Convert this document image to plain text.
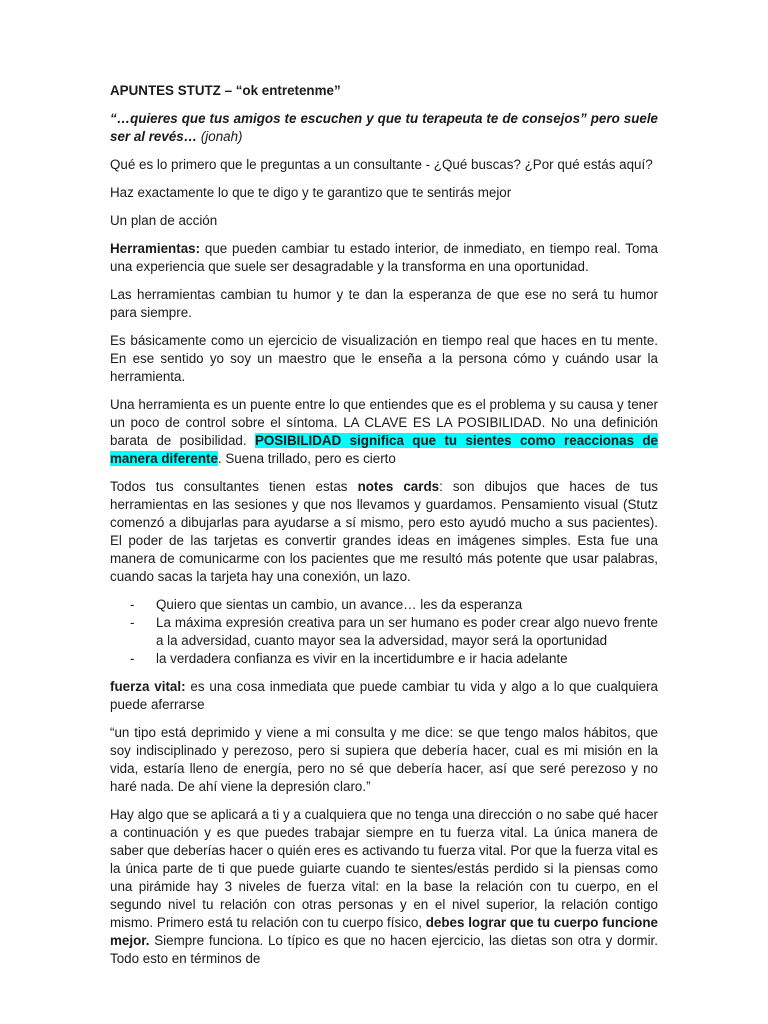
APUNTES STUTZ – “ok entretenme”
“…quieres que tus amigos te escuchen y que tu terapeuta te de consejos” pero suele ser al revés… (jonah)
Qué es lo primero que le preguntas a un consultante - ¿Qué buscas? ¿Por qué estás aquí?
Haz exactamente lo que te digo y te garantizo que te sentirás mejor
Un plan de acción
Herramientas: que pueden cambiar tu estado interior, de inmediato, en tiempo real. Toma una experiencia que suele ser desagradable y la transforma en una oportunidad.
Las herramientas cambian tu humor y te dan la esperanza de que ese no será tu humor para siempre.
Es básicamente como un ejercicio de visualización en tiempo real que haces en tu mente. En ese sentido yo soy un maestro que le enseña a la persona cómo y cuándo usar la herramienta.
Una herramienta es un puente entre lo que entiendes que es el problema y su causa y tener un poco de control sobre el síntoma. LA CLAVE ES LA POSIBILIDAD. No una definición barata de posibilidad. POSIBILIDAD significa que tu sientes como reaccionas de manera diferente. Suena trillado, pero es cierto
Todos tus consultantes tienen estas notes cards: son dibujos que haces de tus herramientas en las sesiones y que nos llevamos y guardamos. Pensamiento visual (Stutz comenzó a dibujarlas para ayudarse a sí mismo, pero esto ayudó mucho a sus pacientes). El poder de las tarjetas es convertir grandes ideas en imágenes simples. Esta fue una manera de comunicarme con los pacientes que me resultó más potente que usar palabras, cuando sacas la tarjeta hay una conexión, un lazo.
- Quiero que sientas un cambio, un avance… les da esperanza
- La máxima expresión creativa para un ser humano es poder crear algo nuevo frente a la adversidad, cuanto mayor sea la adversidad, mayor será la oportunidad
- la verdadera confianza es vivir en la incertidumbre e ir hacia adelante
fuerza vital: es una cosa inmediata que puede cambiar tu vida y algo a lo que cualquiera puede aferrarse
“un tipo está deprimido y viene a mi consulta y me dice: se que tengo malos hábitos, que soy indisciplinado y perezoso, pero si supiera que debería hacer, cual es mi misión en la vida, estaría lleno de energía, pero no sé que debería hacer, así que seré perezoso y no haré nada. De ahí viene la depresión claro.”
Hay algo que se aplicará a ti y a cualquiera que no tenga una dirección o no sabe qué hacer a continuación y es que puedes trabajar siempre en tu fuerza vital. La única manera de saber que deberías hacer o quién eres es activando tu fuerza vital. Por que la fuerza vital es la única parte de ti que puede guiarte cuando te sientes/estás perdido si la piensas como una pirámide hay 3 niveles de fuerza vital: en la base la relación con tu cuerpo, en el segundo nivel tu relación con otras personas y en el nivel superior, la relación contigo mismo. Primero está tu relación con tu cuerpo físico, debes lograr que tu cuerpo funcione mejor. Siempre funciona. Lo típico es que no hacen ejercicio, las dietas son otra y dormir. Todo esto en términos de
